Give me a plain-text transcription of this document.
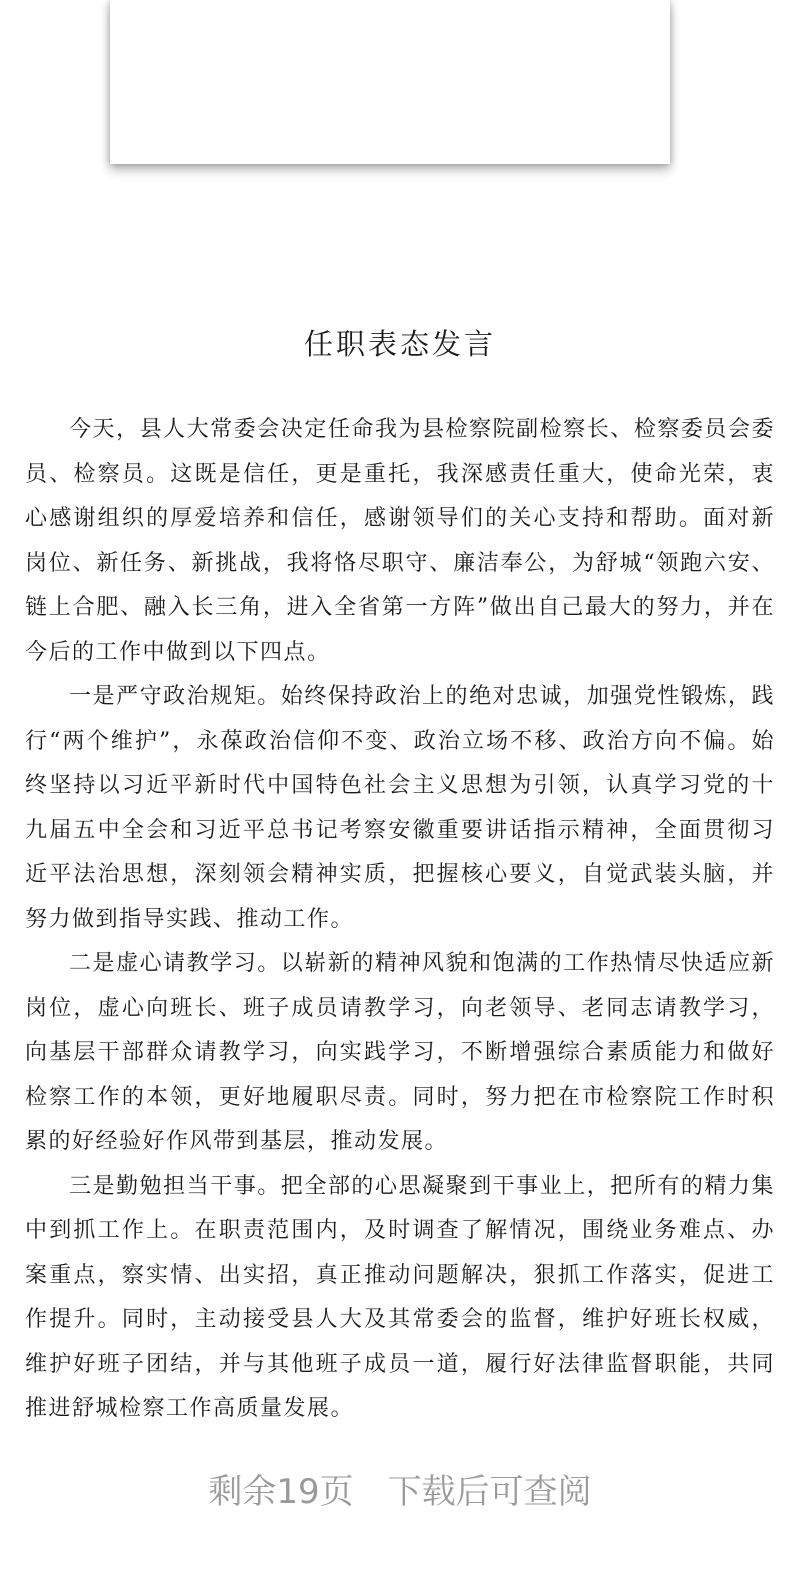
任职表态发言

今天，县人大常委会决定任命我为县检察院副检察长、检察委员会委员、检察员。这既是信任，更是重托，我深感责任重大，使命光荣，衷心感谢组织的厚爱培养和信任，感谢领导们的关心支持和帮助。面对新岗位、新任务、新挑战，我将恪尽职守、廉洁奉公，为舒城“领跑六安、链上合肥、融入长三角，进入全省第一方阵”做出自己最大的努力，并在今后的工作中做到以下四点。

一是严守政治规矩。始终保持政治上的绝对忠诚，加强党性锻炼，践行“两个维护”，永葆政治信仰不变、政治立场不移、政治方向不偏。始终坚持以习近平新时代中国特色社会主义思想为引领，认真学习党的十九届五中全会和习近平总书记考察安徽重要讲话指示精神，全面贯彻习近平法治思想，深刻领会精神实质，把握核心要义，自觉武装头脑，并努力做到指导实践、推动工作。

二是虚心请教学习。以崭新的精神风貌和饱满的工作热情尽快适应新岗位，虚心向班长、班子成员请教学习，向老领导、老同志请教学习，向基层干部群众请教学习，向实践学习，不断增强综合素质能力和做好检察工作的本领，更好地履职尽责。同时，努力把在市检察院工作时积累的好经验好作风带到基层，推动发展。

三是勤勉担当干事。把全部的心思凝聚到干事业上，把所有的精力集中到抓工作上。在职责范围内，及时调查了解情况，围绕业务难点、办案重点，察实情、出实招，真正推动问题解决，狠抓工作落实，促进工作提升。同时，主动接受县人大及其常委会的监督，维护好班长权威，维护好班子团结，并与其他班子成员一道，履行好法律监督职能，共同推进舒城检察工作高质量发展。

剩余19页 下载后可查阅
